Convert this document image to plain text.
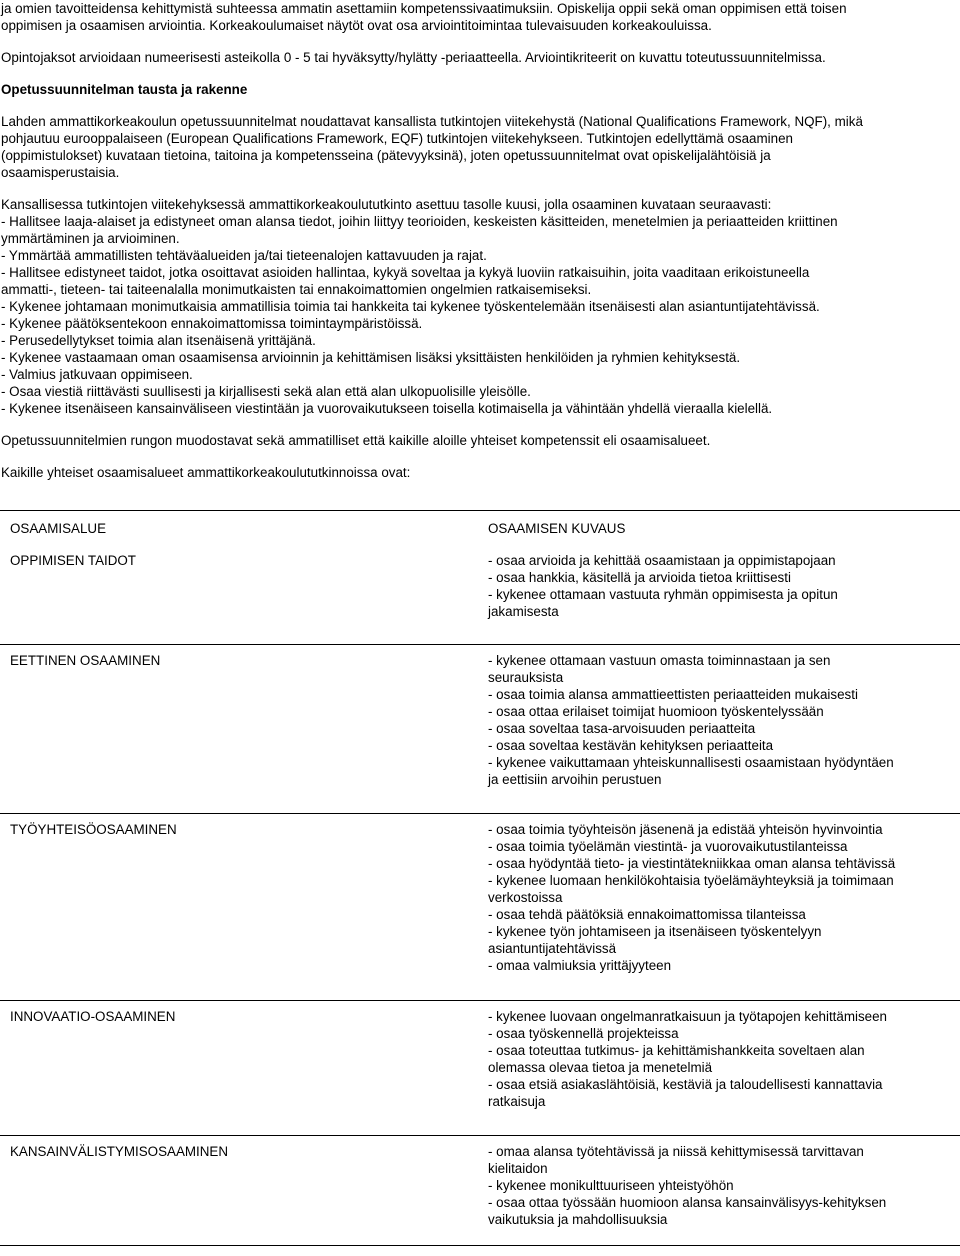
ja omien tavoitteidensa kehittymistä suhteessa ammatin asettamiin kompetenssivaatimuksiin. Opiskelija oppii sekä oman oppimisen että toisen
oppimisen ja osaamisen arviointia. Korkeakoulumaiset näytöt ovat osa arviointitoimintaa tulevaisuuden korkeakouluissa.

Opintojaksot arvioidaan numeerisesti asteikolla 0 - 5 tai hyväksytty/hylätty -periaatteella. Arviointikriteerit on kuvattu toteutussuunnitelmissa.

Opetussuunnitelman tausta ja rakenne

Lahden ammattikorkeakoulun opetussuunnitelmat noudattavat kansallista tutkintojen viitekehystä (National Qualifications Framework, NQF), mikä
pohjautuu eurooppalaiseen (European Qualifications Framework, EQF) tutkintojen viitekehykseen. Tutkintojen edellyttämä osaaminen
(oppimistulokset) kuvataan tietoina, taitoina ja kompetensseina (pätevyyksinä), joten opetussuunnitelmat ovat opiskelijalähtöisiä ja
osaamisperustaisia.
Kansallisessa tutkintojen viitekehyksessä ammattikorkeakoulututkinto asettuu tasolle kuusi, jolla osaaminen kuvataan seuraavasti:
- Hallitsee laaja-alaiset ja edistyneet oman alansa tiedot, joihin liittyy teorioiden, keskeisten käsitteiden, menetelmien ja periaatteiden kriittinen
ymmärtäminen ja arvioiminen.
- Ymmärtää ammatillisten tehtäväalueiden ja/tai tieteenalojen kattavuuden ja rajat.
- Hallitsee edistyneet taidot, jotka osoittavat asioiden hallintaa, kykyä soveltaa ja kykyä luoviin ratkaisuihin, joita vaaditaan erikoistuneella
ammatti-, tieteen- tai taiteenalalla monimutkaisten tai ennakoimattomien ongelmien ratkaisemiseksi.
- Kykenee johtamaan monimutkaisia ammatillisia toimia tai hankkeita tai kykenee työskentelemään itsenäisesti alan asiantuntijatehtävissä.
- Kykenee päätöksentekoon ennakoimattomissa toimintaympäristöissä.
- Perusedellytykset toimia alan itsenäisenä yrittäjänä.
- Kykenee vastaamaan oman osaamisensa arvioinnin ja kehittämisen lisäksi yksittäisten henkilöiden ja ryhmien kehityksestä.
- Valmius jatkuvaan oppimiseen.
- Osaa viestiä riittävästi suullisesti ja kirjallisesti sekä alan että alan ulkopuolisille yleisölle.
- Kykenee itsenäiseen kansainväliseen viestintään ja vuorovaikutukseen toisella kotimaisella ja vähintään yhdellä vieraalla kielellä.

Opetussuunnitelmien rungon muodostavat sekä ammatilliset että kaikille aloille yhteiset kompetenssit eli osaamisalueet.

Kaikille yhteiset osaamisalueet ammattikorkeakoulututkinnoissa ovat:

OSAAMISALUE	OSAAMISEN KUVAUS
OPPIMISEN TAIDOT	- osaa arvioida ja kehittää osaamistaan ja oppimistapojaan
- osaa hankkia, käsitellä ja arvioida tietoa kriittisesti
- kykenee ottamaan vastuuta ryhmän oppimisesta ja opitun
jakamisesta
EETTINEN OSAAMINEN	- kykenee ottamaan vastuun omasta toiminnastaan ja sen
seurauksista
- osaa toimia alansa ammattieettisten periaatteiden mukaisesti
- osaa ottaa erilaiset toimijat huomioon työskentelyssään
- osaa soveltaa tasa-arvoisuuden periaatteita
- osaa soveltaa kestävän kehityksen periaatteita
- kykenee vaikuttamaan yhteiskunnallisesti osaamistaan hyödyntäen
ja eettisiin arvoihin perustuen
TYÖYHTEISÖOSAAMINEN	- osaa toimia työyhteisön jäsenenä ja edistää yhteisön hyvinvointia
- osaa toimia työelämän viestintä- ja vuorovaikutustilanteissa
- osaa hyödyntää tieto- ja viestintätekniikkaa oman alansa tehtävissä
- kykenee luomaan henkilökohtaisia työelämäyhteyksiä ja toimimaan
verkostoissa
- osaa tehdä päätöksiä ennakoimattomissa tilanteissa
- kykenee työn johtamiseen ja itsenäiseen työskentelyyn
asiantuntijatehtävissä
- omaa valmiuksia yrittäjyyteen
INNOVAATIO-OSAAMINEN	- kykenee luovaan ongelmanratkaisuun ja työtapojen kehittämiseen
- osaa työskennellä projekteissa
- osaa toteuttaa tutkimus- ja kehittämishankkeita soveltaen alan
olemassa olevaa tietoa ja menetelmiä
- osaa etsiä asiakaslähtöisiä, kestäviä ja taloudellisesti kannattavia
ratkaisuja
KANSAINVÄLISTYMISOSAAMINEN	- omaa alansa työtehtävissä ja niissä kehittymisessä tarvittavan
kielitaidon
- kykenee monikulttuuriseen yhteistyöhön
- osaa ottaa työssään huomioon alansa kansainvälisyys-kehityksen
vaikutuksia ja mahdollisuuksia
